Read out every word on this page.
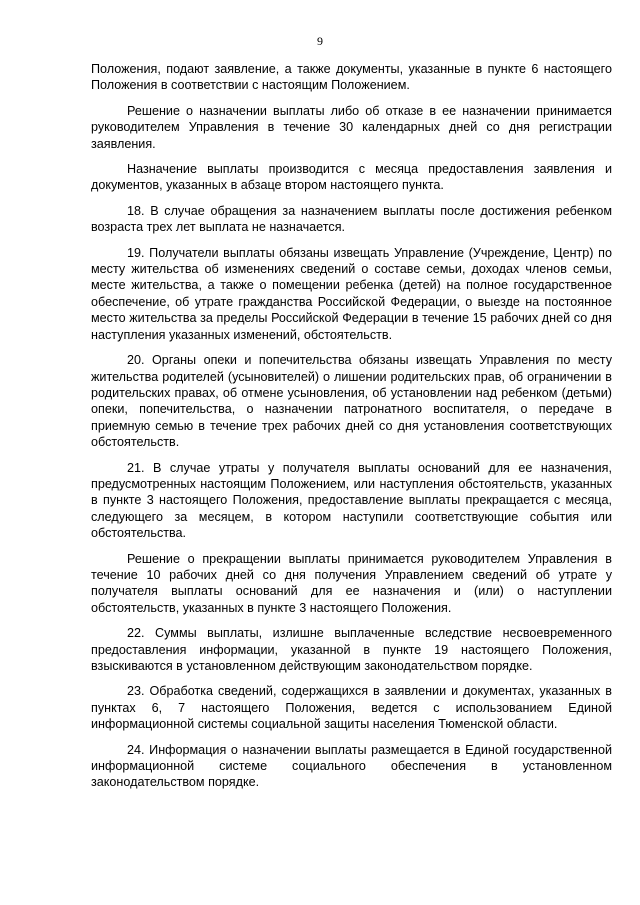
9

Положения, подают заявление, а также документы, указанные в пункте 6 настоящего Положения в соответствии с настоящим Положением.

Решение о назначении выплаты либо об отказе в ее назначении принимается руководителем Управления в течение 30 календарных дней со дня регистрации заявления.

Назначение выплаты производится с месяца предоставления заявления и документов, указанных в абзаце втором настоящего пункта.

18. В случае обращения за назначением выплаты после достижения ребенком возраста трех лет выплата не назначается.

19. Получатели выплаты обязаны извещать Управление (Учреждение, Центр) по месту жительства об изменениях сведений о составе семьи, доходах членов семьи, месте жительства, а также о помещении ребенка (детей) на полное государственное обеспечение, об утрате гражданства Российской Федерации, о выезде на постоянное место жительства за пределы Российской Федерации в течение 15 рабочих дней со дня наступления указанных изменений, обстоятельств.

20. Органы опеки и попечительства обязаны извещать Управления по месту жительства родителей (усыновителей) о лишении родительских прав, об ограничении в родительских правах, об отмене усыновления, об установлении над ребенком (детьми) опеки, попечительства, о назначении патронатного воспитателя, о передаче в приемную семью в течение трех рабочих дней со дня установления соответствующих обстоятельств.

21. В случае утраты у получателя выплаты оснований для ее назначения, предусмотренных настоящим Положением, или наступления обстоятельств, указанных в пункте 3 настоящего Положения, предоставление выплаты прекращается с месяца, следующего за месяцем, в котором наступили соответствующие события или обстоятельства.

Решение о прекращении выплаты принимается руководителем Управления в течение 10 рабочих дней со дня получения Управлением сведений об утрате у получателя выплаты оснований для ее назначения и (или) о наступлении обстоятельств, указанных в пункте 3 настоящего Положения.

22. Суммы выплаты, излишне выплаченные вследствие несвоевременного предоставления информации, указанной в пункте 19 настоящего Положения, взыскиваются в установленном действующим законодательством порядке.

23. Обработка сведений, содержащихся в заявлении и документах, указанных в пунктах 6, 7 настоящего Положения, ведется с использованием Единой информационной системы социальной защиты населения Тюменской области.

24. Информация о назначении выплаты размещается в Единой государственной информационной системе социального обеспечения в установленном законодательством порядке.
